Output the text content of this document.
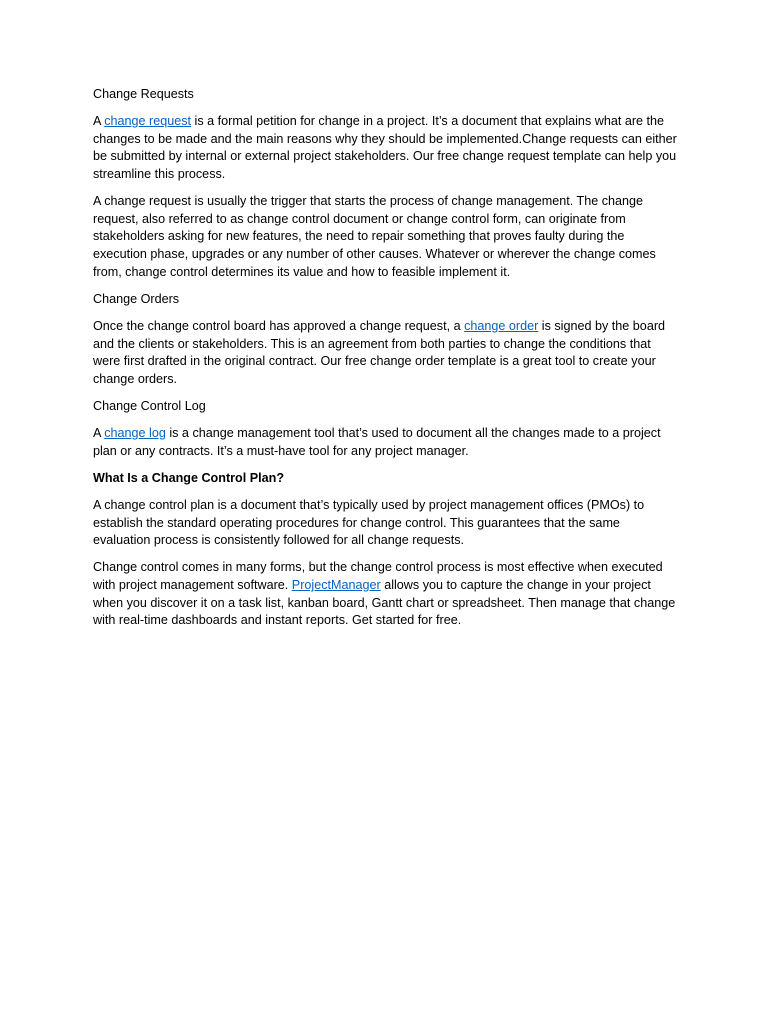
Change Requests

A change request is a formal petition for change in a project. It’s a document that explains what are the changes to be made and the main reasons why they should be implemented.Change requests can either be submitted by internal or external project stakeholders. Our free change request template can help you streamline this process.

A change request is usually the trigger that starts the process of change management. The change request, also referred to as change control document or change control form, can originate from stakeholders asking for new features, the need to repair something that proves faulty during the execution phase, upgrades or any number of other causes. Whatever or wherever the change comes from, change control determines its value and how to feasible implement it.

Change Orders

Once the change control board has approved a change request, a change order is signed by the board and the clients or stakeholders. This is an agreement from both parties to change the conditions that were first drafted in the original contract. Our free change order template is a great tool to create your change orders.

Change Control Log

A change log is a change management tool that’s used to document all the changes made to a project plan or any contracts. It’s a must-have tool for any project manager.

What Is a Change Control Plan?

A change control plan is a document that’s typically used by project management offices (PMOs) to establish the standard operating procedures for change control. This guarantees that the same evaluation process is consistently followed for all change requests.

Change control comes in many forms, but the change control process is most effective when executed with project management software. ProjectManager allows you to capture the change in your project when you discover it on a task list, kanban board, Gantt chart or spreadsheet. Then manage that change with real-time dashboards and instant reports. Get started for free.
